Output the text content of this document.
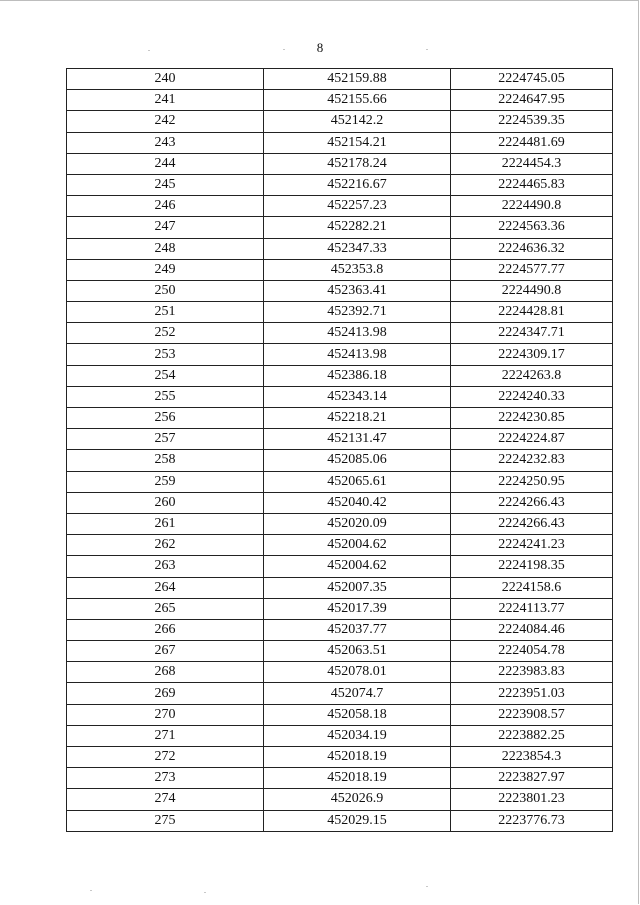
8
240	452159.88	2224745.05
241	452155.66	2224647.95
242	452142.2	2224539.35
243	452154.21	2224481.69
244	452178.24	2224454.3
245	452216.67	2224465.83
246	452257.23	2224490.8
247	452282.21	2224563.36
248	452347.33	2224636.32
249	452353.8	2224577.77
250	452363.41	2224490.8
251	452392.71	2224428.81
252	452413.98	2224347.71
253	452413.98	2224309.17
254	452386.18	2224263.8
255	452343.14	2224240.33
256	452218.21	2224230.85
257	452131.47	2224224.87
258	452085.06	2224232.83
259	452065.61	2224250.95
260	452040.42	2224266.43
261	452020.09	2224266.43
262	452004.62	2224241.23
263	452004.62	2224198.35
264	452007.35	2224158.6
265	452017.39	2224113.77
266	452037.77	2224084.46
267	452063.51	2224054.78
268	452078.01	2223983.83
269	452074.7	2223951.03
270	452058.18	2223908.57
271	452034.19	2223882.25
272	452018.19	2223854.3
273	452018.19	2223827.97
274	452026.9	2223801.23
275	452029.15	2223776.73
